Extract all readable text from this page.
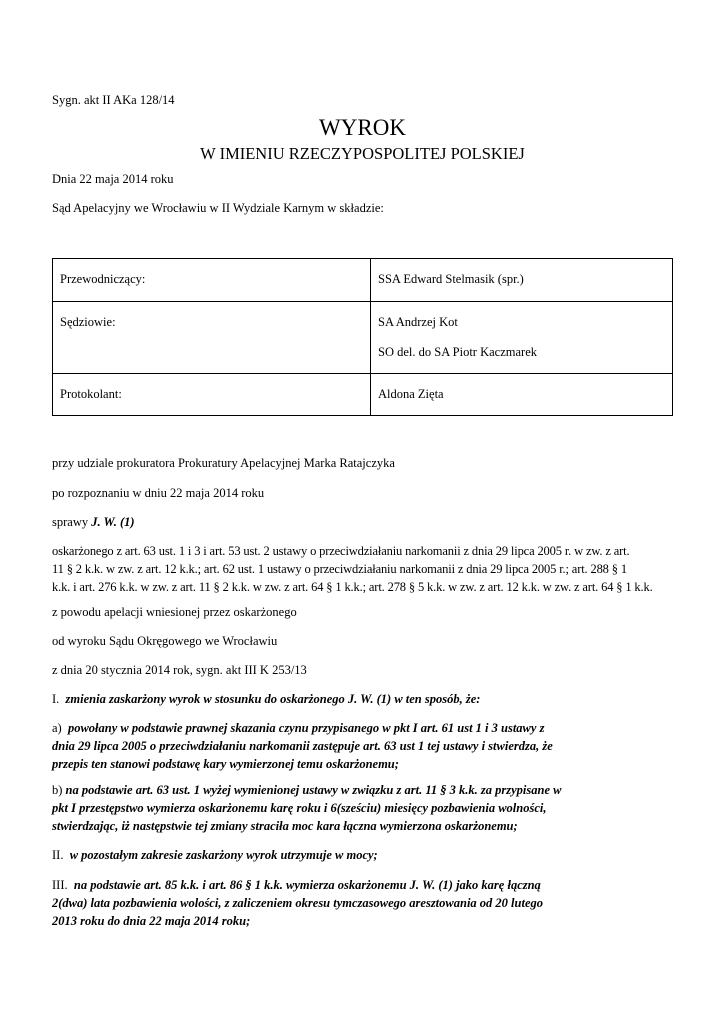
Sygn. akt II AKa 128/14
WYROK
W IMIENIU RZECZYPOSPOLITEJ POLSKIEJ
Dnia 22 maja 2014 roku
Sąd Apelacyjny we Wrocławiu w II Wydziale Karnym w składzie:
Przewodniczący:	SSA Edward Stelmasik (spr.)

Sędziowie:	SA Andrzej Kot
SO del. do SA Piotr Kaczmarek

Protokolant:	Aldona Zięta
przy udziale prokuratora Prokuratury Apelacyjnej Marka Ratajczyka
po rozpoznaniu w dniu 22 maja 2014 roku
sprawy J. W. (1)
oskarżonego z art. 63 ust. 1 i 3 i art. 53 ust. 2 ustawy o przeciwdziałaniu narkomanii z dnia 29 lipca 2005 r. w zw. z art.
11 § 2 k.k. w zw. z art. 12 k.k.; art. 62 ust. 1 ustawy o przeciwdziałaniu narkomanii z dnia 29 lipca 2005 r.; art. 288 § 1
k.k. i art. 276 k.k. w zw. z art. 11 § 2 k.k. w zw. z art. 64 § 1 k.k.; art. 278 § 5 k.k. w zw. z art. 12 k.k. w zw. z art. 64 § 1 k.k.
z powodu apelacji wniesionej przez oskarżonego
od wyroku Sądu Okręgowego we Wrocławiu
z dnia 20 stycznia 2014 rok, sygn. akt III K 253/13
I.  zmienia zaskarżony wyrok w stosunku do oskarżonego J. W. (1) w ten sposób, że:
a)  powołany w podstawie prawnej skazania czynu przypisanego w pkt I art. 61 ust 1 i 3 ustawy z
dnia 29 lipca 2005 o przeciwdziałaniu narkomanii zastępuje art. 63 ust 1 tej ustawy i stwierdza, że
przepis ten stanowi podstawę kary wymierzonej temu oskarżonemu;
b) na podstawie art. 63 ust. 1 wyżej wymienionej ustawy w związku z art. 11 § 3 k.k. za przypisane w
pkt I przestępstwo wymierza oskarżonemu karę roku i 6(sześciu) miesięcy pozbawienia wolności,
stwierdzając, iż następstwie tej zmiany straciła moc kara łączna wymierzona oskarżonemu;
II.  w pozostałym zakresie zaskarżony wyrok utrzymuje w mocy;
III.  na podstawie art. 85 k.k. i art. 86 § 1 k.k. wymierza oskarżonemu J. W. (1) jako karę łączną
2(dwa) lata pozbawienia wolości, z zaliczeniem okresu tymczasowego aresztowania od 20 lutego
2013 roku do dnia 22 maja 2014 roku;
